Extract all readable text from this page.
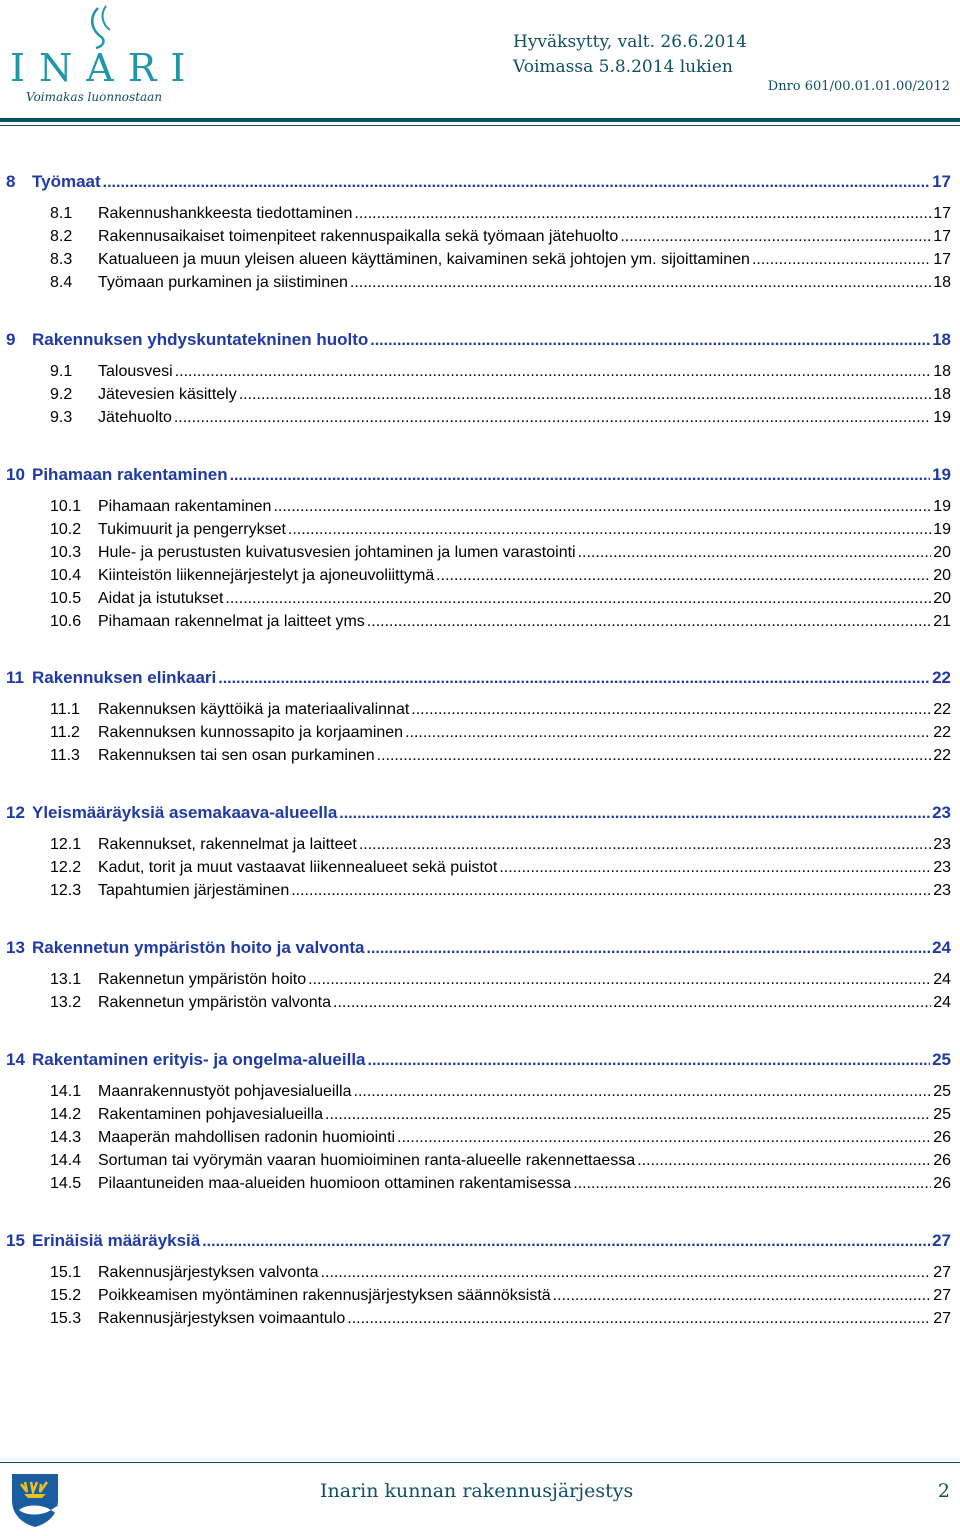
INARI
Voimakas luonnostaan
Hyväksytty, valt. 26.6.2014
Voimassa 5.8.2014 lukien
Dnro 601/00.01.01.00/2012
8 Työmaat .....	17
8.1	Rakennushankkeesta tiedottaminen .....	17
8.2	Rakennusaikaiset toimenpiteet rakennuspaikalla sekä työmaan jätehuolto .....	17
8.3	Katualueen ja muun yleisen alueen käyttäminen, kaivaminen sekä johtojen ym. sijoittaminen .....	17
8.4	Työmaan purkaminen ja siistiminen .....	18
9 Rakennuksen yhdyskuntatekninen huolto .....	18
9.1	Talousvesi .....	18
9.2	Jätevesien käsittely .....	18
9.3	Jätehuolto .....	19
10 Pihamaan rakentaminen .....	19
10.1	Pihamaan rakentaminen .....	19
10.2	Tukimuurit ja pengerrykset .....	19
10.3	Hule- ja perustusten kuivatusvesien johtaminen ja lumen varastointi .....	20
10.4	Kiinteistön liikennejärjestelyt ja ajoneuvoliittymä .....	20
10.5	Aidat ja istutukset .....	20
10.6	Pihamaan rakennelmat ja laitteet yms .....	21
11 Rakennuksen elinkaari .....	22
11.1	Rakennuksen käyttöikä ja materiaalivalinnat .....	22
11.2	Rakennuksen kunnossapito ja korjaaminen .....	22
11.3	Rakennuksen tai sen osan purkaminen .....	22
12 Yleismääräyksiä asemakaava-alueella .....	23
12.1	Rakennukset, rakennelmat ja laitteet .....	23
12.2	Kadut, torit ja muut vastaavat liikennealueet sekä puistot .....	23
12.3	Tapahtumien järjestäminen .....	23
13 Rakennetun ympäristön hoito ja valvonta .....	24
13.1	Rakennetun ympäristön hoito .....	24
13.2	Rakennetun ympäristön valvonta .....	24
14 Rakentaminen erityis- ja ongelma-alueilla .....	25
14.1	Maanrakennustyöt pohjavesialueilla .....	25
14.2	Rakentaminen pohjavesialueilla .....	25
14.3	Maaperän mahdollisen radonin huomiointi .....	26
14.4	Sortuman tai vyörymän vaaran huomioiminen ranta-alueelle rakennettaessa .....	26
14.5	Pilaantuneiden maa-alueiden huomioon ottaminen rakentamisessa .....	26
15 Erinäisiä määräyksiä .....	27
15.1	Rakennusjärjestyksen valvonta .....	27
15.2	Poikkeamisen myöntäminen rakennusjärjestyksen säännöksistä .....	27
15.3	Rakennusjärjestyksen voimaantulo .....	27
Inarin kunnan rakennusjärjestys	2
